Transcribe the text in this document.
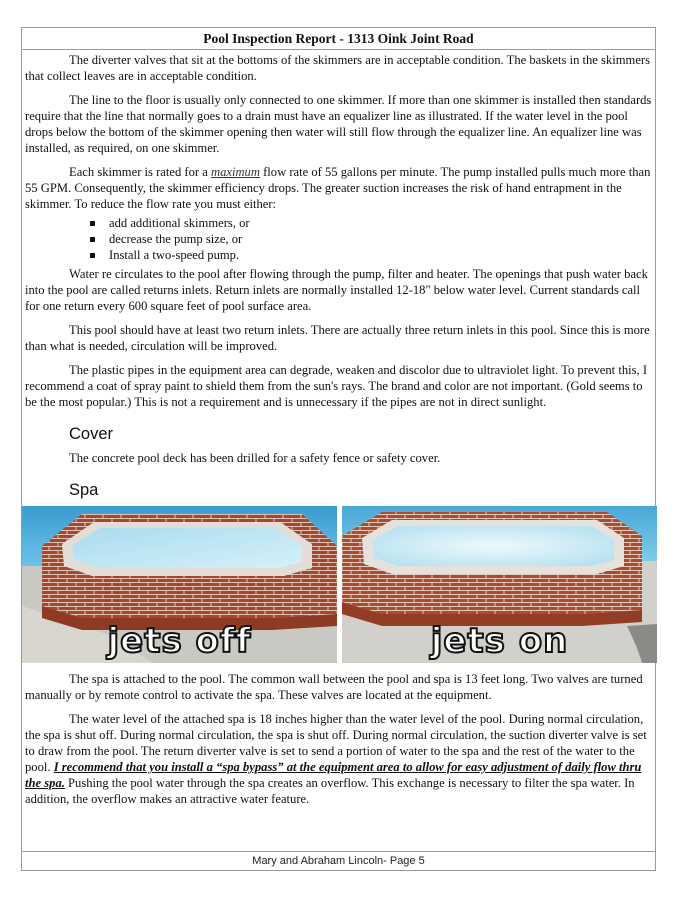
Pool Inspection Report - 1313 Oink Joint Road

The diverter valves that sit at the bottoms of the skimmers are in acceptable condition. The baskets in the skimmers that collect leaves are in acceptable condition.

The line to the floor is usually only connected to one skimmer. If more than one skimmer is installed then standards require that the line that normally goes to a drain must have an equalizer line as illustrated. If the water level in the pool drops below the bottom of the skimmer opening then water will still flow through the equalizer line. An equalizer line was installed, as required, on one skimmer.

Each skimmer is rated for a maximum flow rate of 55 gallons per minute. The pump installed pulls much more than 55 GPM. Consequently, the skimmer efficiency drops. The greater suction increases the risk of hand entrapment in the skimmer. To reduce the flow rate you must either:

add additional skimmers, or
decrease the pump size, or
Install a two-speed pump.

Water re circulates to the pool after flowing through the pump, filter and heater. The openings that push water back into the pool are called returns inlets. Return inlets are normally installed 12-18" below water level. Current standards call for one return every 600 square feet of pool surface area.

This pool should have at least two return inlets. There are actually three return inlets in this pool. Since this is more than what is needed, circulation will be improved.

The plastic pipes in the equipment area can degrade, weaken and discolor due to ultraviolet light. To prevent this, I recommend a coat of spray paint to shield them from the sun's rays. The brand and color are not important. (Gold seems to be the most popular.) This is not a requirement and is unnecessary if the pipes are not in direct sunlight.

Cover

The concrete pool deck has been drilled for a safety fence or safety cover.

Spa
jets off	jets on

The spa is attached to the pool. The common wall between the pool and spa is 13 feet long. Two valves are turned manually or by remote control to activate the spa. These valves are located at the equipment.

The water level of the attached spa is 18 inches higher than the water level of the pool. During normal circulation, the spa is shut off. During normal circulation, the spa is shut off. During normal circulation, the suction diverter valve is set to draw from the pool. The return diverter valve is set to send a portion of water to the spa and the rest of the water to the pool. I recommend that you install a “spa bypass” at the equipment area to allow for easy adjustment of daily flow thru the spa. Pushing the pool water through the spa creates an overflow. This exchange is necessary to filter the spa water. In addition, the overflow makes an attractive water feature.

Mary and Abraham Lincoln- Page 5
